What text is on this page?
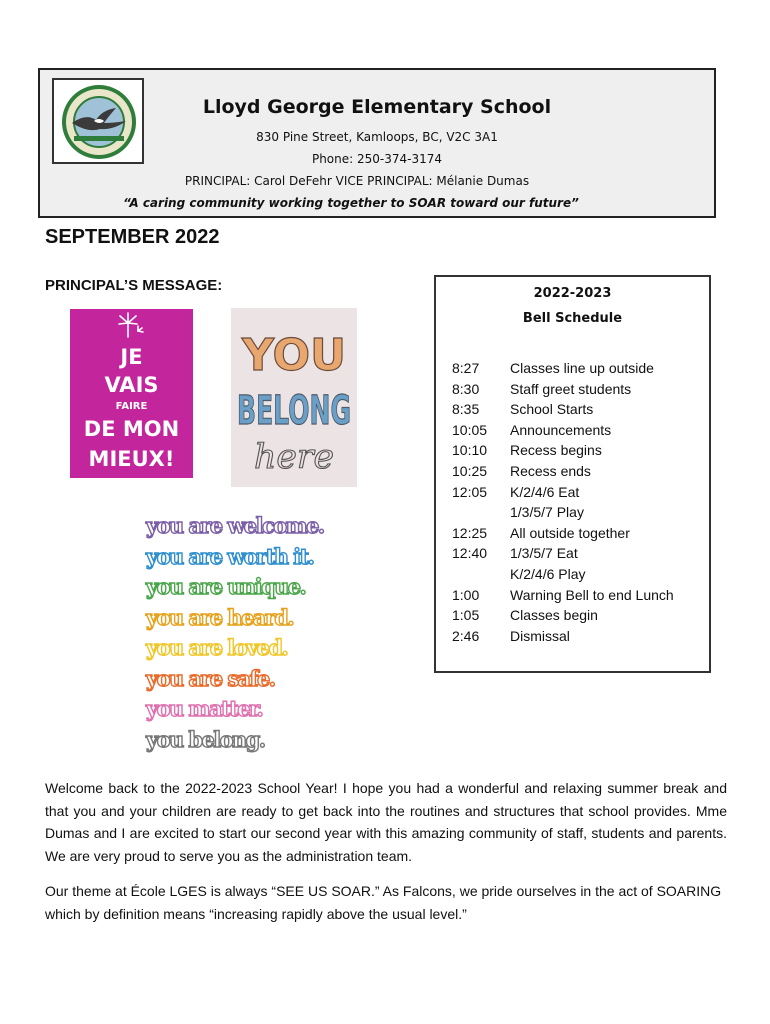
Lloyd George Elementary School
830 Pine Street, Kamloops, BC, V2C 3A1
Phone: 250-374-3174
PRINCIPAL: Carol DeFehr VICE PRINCIPAL: Mélanie Dumas
“A caring community working together to SOAR toward our future”
SEPTEMBER 2022
PRINCIPAL’S MESSAGE:
JE
VAIS
FAIRE
DE MON
MIEUX!
YOU
BELONG
here
you are welcome.
you are worth it.
you are unique.
you are heard.
you are loved.
you are safe.
you matter.
you belong.
2022-2023
Bell Schedule
8:27 Classes line up outside
8:30 Staff greet students
8:35 School Starts
10:05 Announcements
10:10 Recess begins
10:25 Recess ends
12:05 K/2/4/6 Eat
1/3/5/7 Play
12:25 All outside together
12:40 1/3/5/7 Eat
K/2/4/6 Play
1:00 Warning Bell to end Lunch
1:05 Classes begin
2:46 Dismissal

Welcome back to the 2022-2023 School Year! I hope you had a wonderful and relaxing summer break and that you and your children are ready to get back into the routines and structures that school provides. Mme Dumas and I are excited to start our second year with this amazing community of staff, students and parents. We are very proud to serve you as the administration team.

Our theme at École LGES is always “SEE US SOAR.” As Falcons, we pride ourselves in the act of SOARING which by definition means “increasing rapidly above the usual level.”
